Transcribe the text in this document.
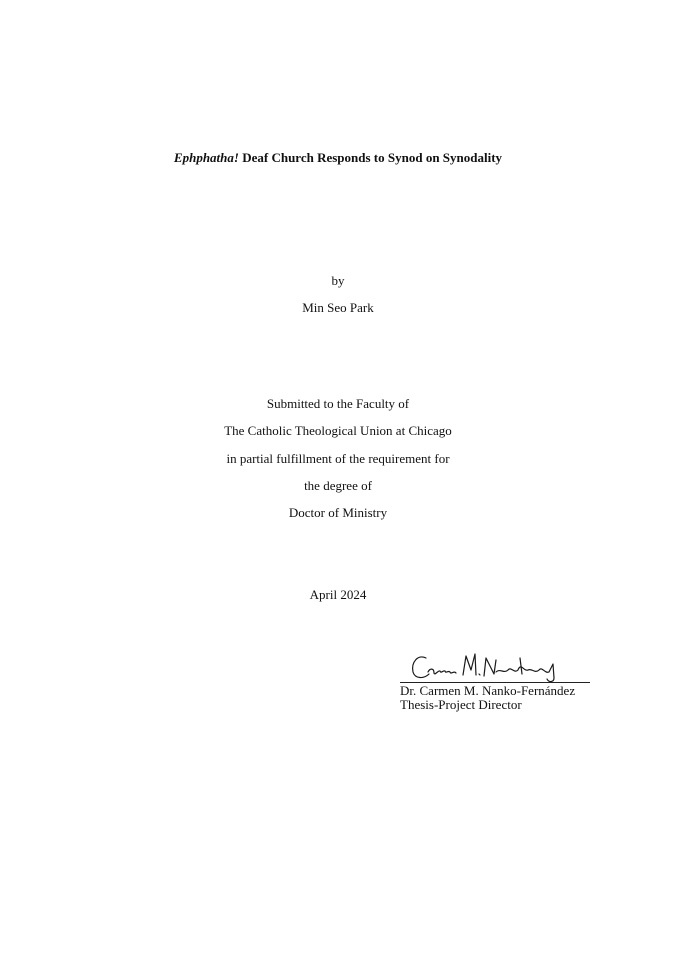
Ephphatha! Deaf Church Responds to Synod on Synodality
by
Min Seo Park
Submitted to the Faculty of
The Catholic Theological Union at Chicago
in partial fulfillment of the requirement for
the degree of
Doctor of Ministry
April 2024
Dr. Carmen M. Nanko-Fernández
Thesis-Project Director
